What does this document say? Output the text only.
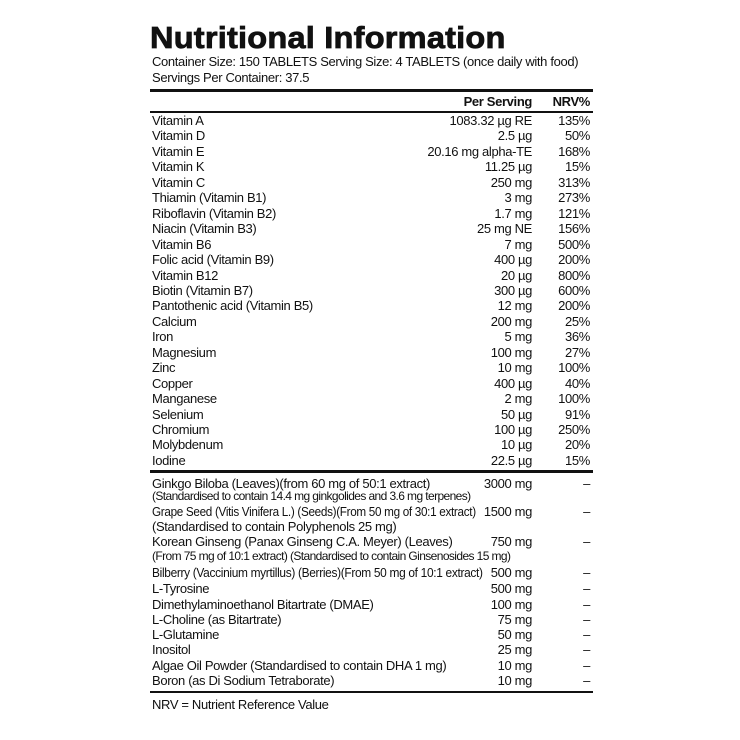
Nutritional Information
Container Size: 150 TABLETS Serving Size: 4 TABLETS (once daily with food)
Servings Per Container: 37.5
Per Serving NRV%
Vitamin A	1083.32 µg RE 135%
Vitamin D	2.5 µg	50%
Vitamin E	20.16 mg alpha-TE 168%
Vitamin K	11.25 µg	15%
Vitamin C	250 mg 313%
Thiamin (Vitamin B1)	3 mg 273%
Riboflavin (Vitamin B2)	1.7 mg 121%
Niacin (Vitamin B3)	25 mg NE 156%
Vitamin B6	7 mg 500%
Folic acid (Vitamin B9)	400 µg 200%
Vitamin B12	20 µg 800%
Biotin (Vitamin B7)	300 µg 600%
Pantothenic acid (Vitamin B5)	12 mg 200%
Calcium	200 mg	25%
Iron	5 mg	36%
Magnesium	100 mg	27%
Zinc	10 mg 100%
Copper	400 µg	40%
Manganese	2 mg 100%
Selenium	50 µg	91%
Chromium	100 µg 250%
Molybdenum	10 µg	20%
Iodine	22.5 µg	15%
Ginkgo Biloba (Leaves)(from 60 mg of 50:1 extract)	3000 mg	–
(Standardised to contain 14.4 mg ginkgolides and 3.6 mg terpenes)
Grape Seed (Vitis Vinifera L.) (Seeds)(From 50 mg of 30:1 extract) 1500 mg	–
(Standardised to contain Polyphenols 25 mg)
Korean Ginseng (Panax Ginseng C.A. Meyer) (Leaves)	750 mg	–
(From 75 mg of 10:1 extract) (Standardised to contain Ginsenosides 15 mg)
Bilberry (Vaccinium myrtillus) (Berries)(From 50 mg of 10:1 extract) 500 mg	–
L-Tyrosine	500 mg	–
Dimethylaminoethanol Bitartrate (DMAE)	100 mg	–
L-Choline (as Bitartrate)	75 mg	–
L-Glutamine	50 mg	–
Inositol	25 mg	–
Algae Oil Powder (Standardised to contain DHA 1 mg)	10 mg	–
Boron (as Di Sodium Tetraborate)	10 mg	–
NRV = Nutrient Reference Value
